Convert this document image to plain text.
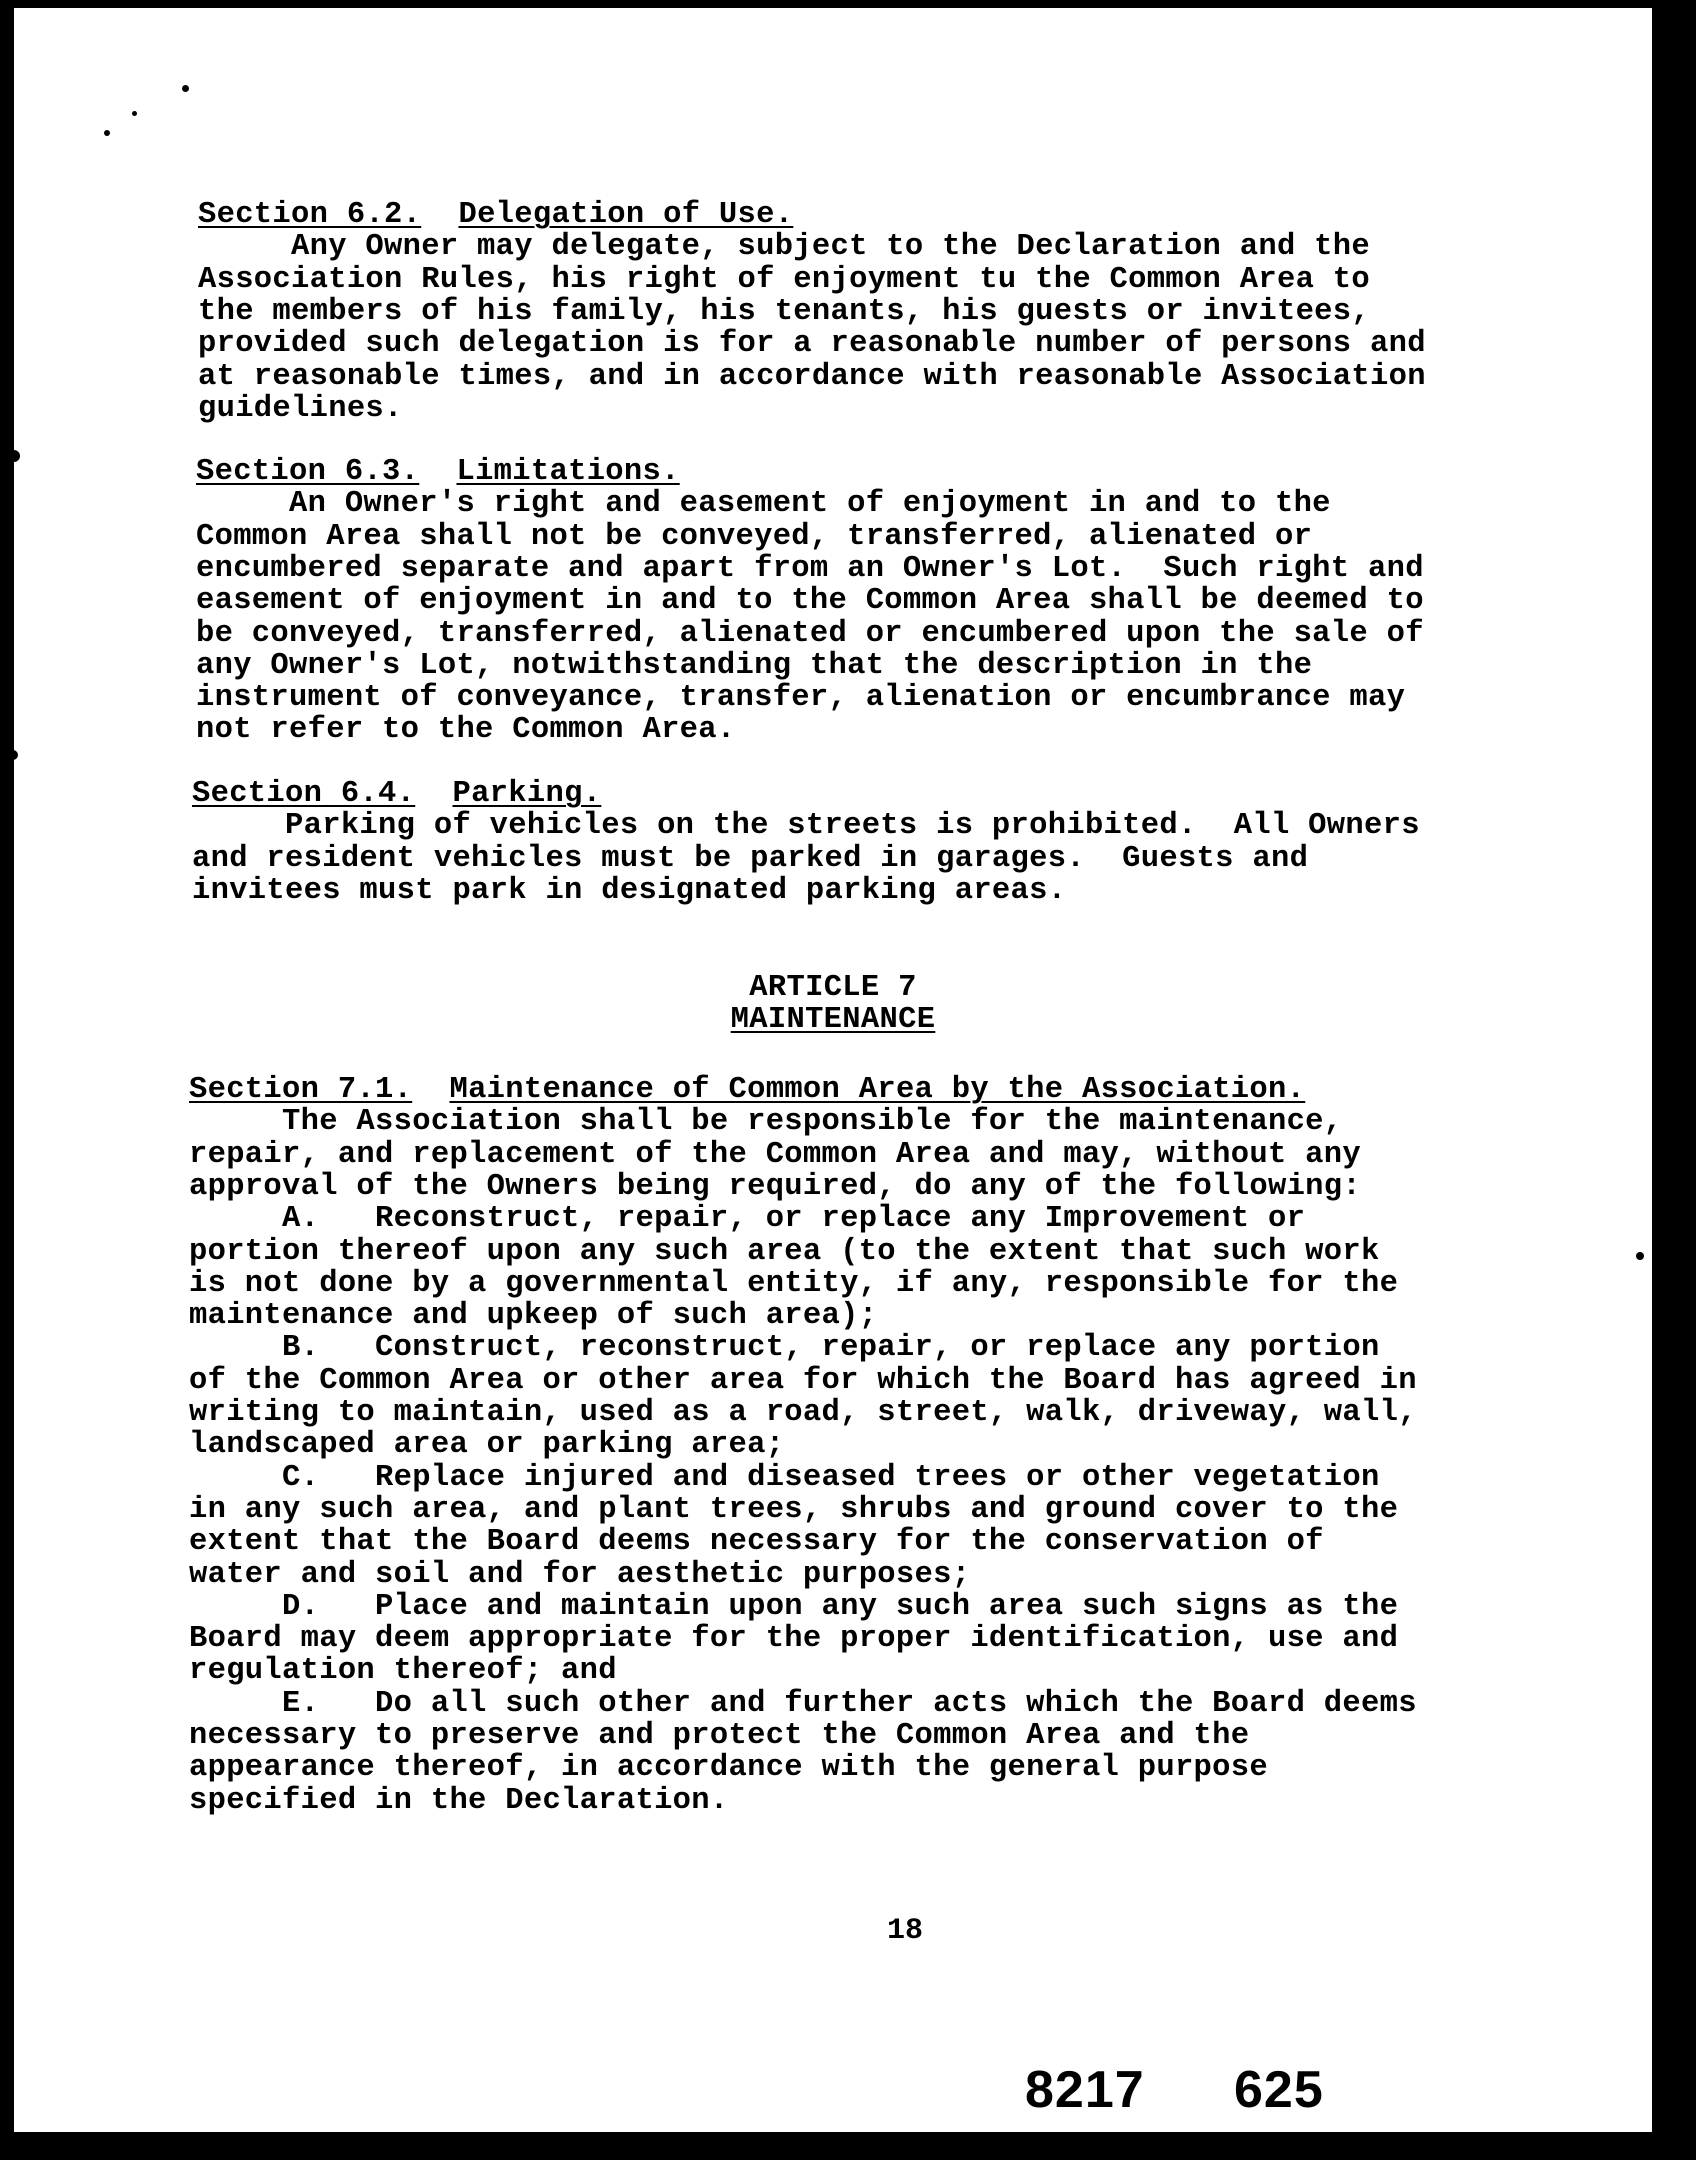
Section 6.2. Delegation of Use.
Any Owner may delegate, subject to the Declaration and the
Association Rules, his right of enjoyment tu the Common Area to
the members of his family, his tenants, his guests or invitees,
provided such delegation is for a reasonable number of persons and
at reasonable times, and in accordance with reasonable Association
guidelines.
Section 6.3. Limitations.
An Owner's right and easement of enjoyment in and to the
Common Area shall not be conveyed, transferred, alienated or
encumbered separate and apart from an Owner's Lot.  Such right and
easement of enjoyment in and to the Common Area shall be deemed to
be conveyed, transferred, alienated or encumbered upon the sale of
any Owner's Lot, notwithstanding that the description in the
instrument of conveyance, transfer, alienation or encumbrance may
not refer to the Common Area.
Section 6.4. Parking.
Parking of vehicles on the streets is prohibited.  All Owners
and resident vehicles must be parked in garages.  Guests and
invitees must park in designated parking areas.
ARTICLE 7
MAINTENANCE
Section 7.1. Maintenance of Common Area by the Association.
The Association shall be responsible for the maintenance,
repair, and replacement of the Common Area and may, without any
approval of the Owners being required, do any of the following:
A.   Reconstruct, repair, or replace any Improvement or
portion thereof upon any such area (to the extent that such work
is not done by a governmental entity, if any, responsible for the
maintenance and upkeep of such area);
B.   Construct, reconstruct, repair, or replace any portion
of the Common Area or other area for which the Board has agreed in
writing to maintain, used as a road, street, walk, driveway, wall,
landscaped area or parking area;
C.   Replace injured and diseased trees or other vegetation
in any such area, and plant trees, shrubs and ground cover to the
extent that the Board deems necessary for the conservation of
water and soil and for aesthetic purposes;
D.   Place and maintain upon any such area such signs as the
Board may deem appropriate for the proper identification, use and
regulation thereof; and
E.   Do all such other and further acts which the Board deems
necessary to preserve and protect the Common Area and the
appearance thereof, in accordance with the general purpose
specified in the Declaration.
18
8217 625
